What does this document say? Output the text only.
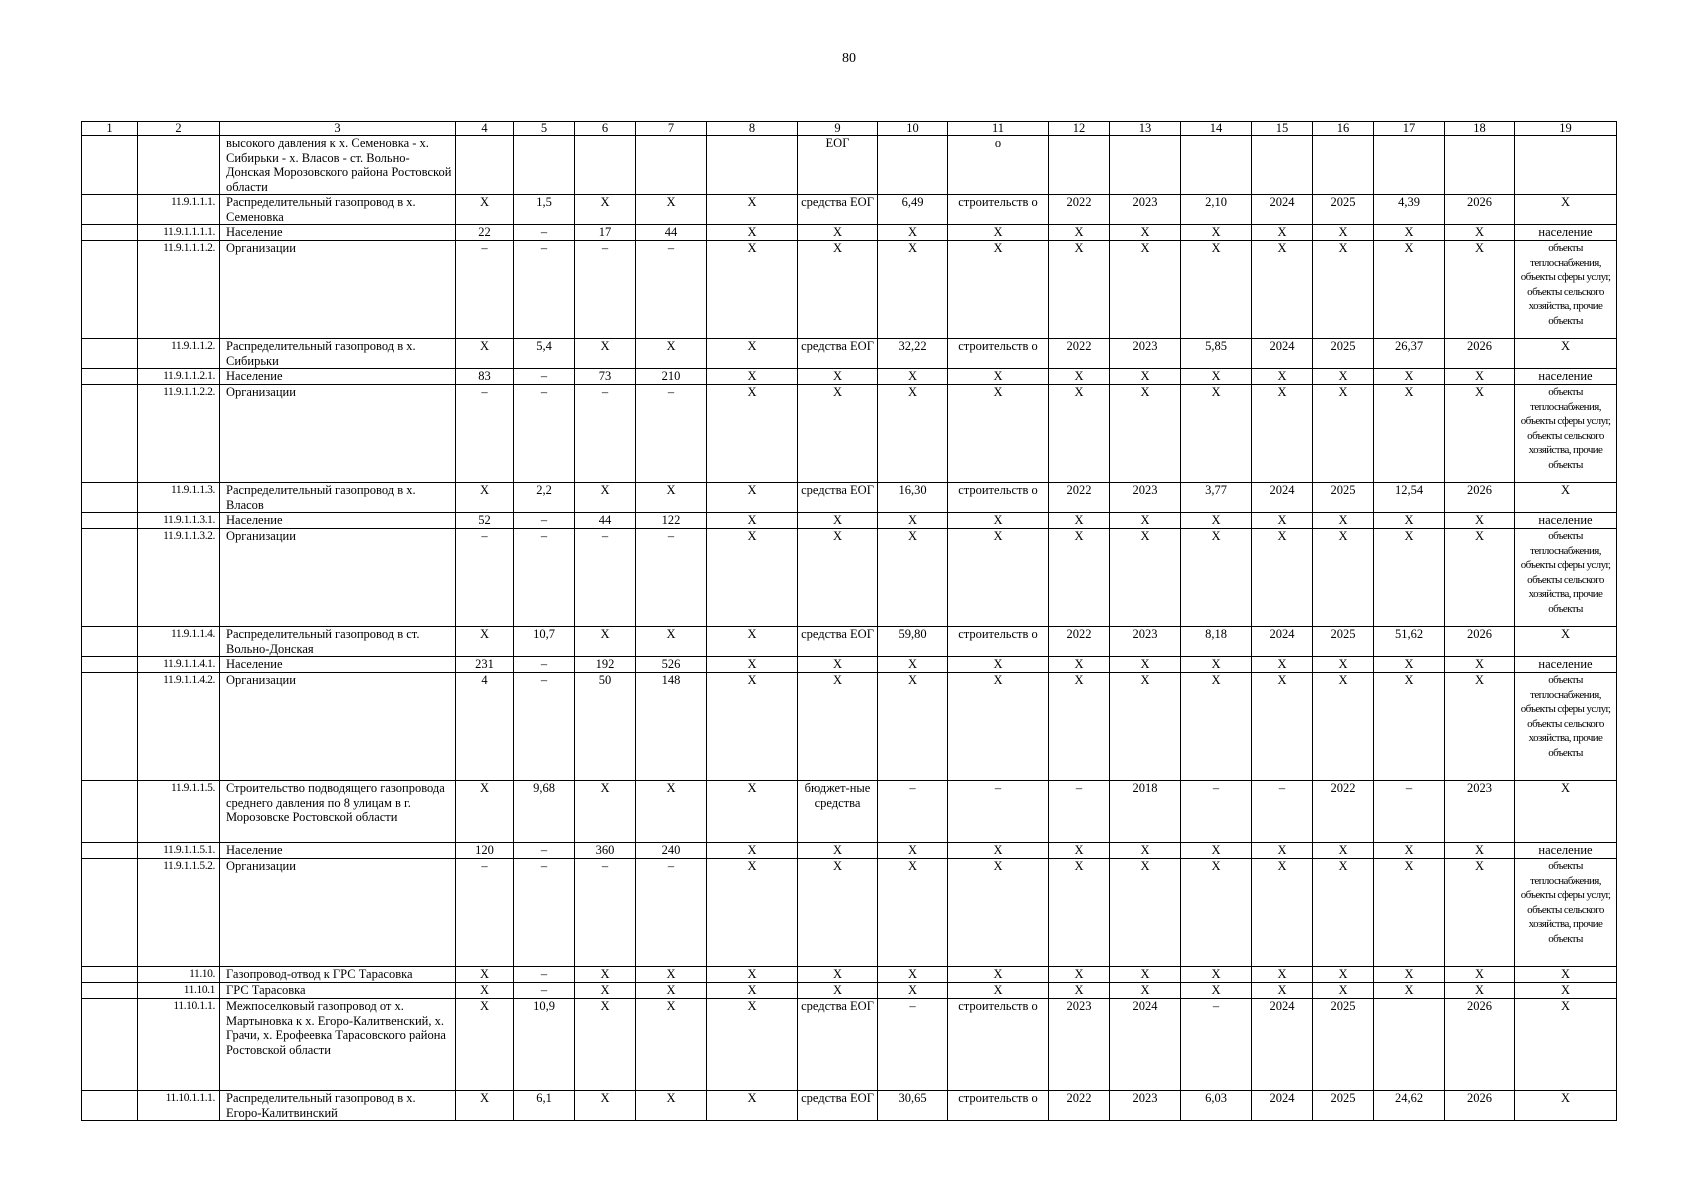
80
1	2	3	4	5	6	7	8	9	10	11	12	13	14	15	16	17	18	19
		высокого давления к х. Семеновка - х. Сибирьки - х. Власов - ст. Вольно-Донская Морозовского района Ростовской области						ЕОГ		о								
	11.9.1.1.1.	Распределительный газопровод в х. Семеновка	X	1,5	X	X	X	средства ЕОГ	6,49	строительств о	2022	2023	2,10	2024	2025	4,39	2026	X
	11.9.1.1.1.1.	Население	22	–	17	44	X	X	X	X	X	X	X	X	X	X	X	население
	11.9.1.1.1.2.	Организации	–	–	–	–	X	X	X	X	X	X	X	X	X	X	X	объекты теплоснабжения, объекты сферы услуг, объекты сельского хозяйства, прочие объекты
	11.9.1.1.2.	Распределительный газопровод в х. Сибирьки	X	5,4	X	X	X	средства ЕОГ	32,22	строительств о	2022	2023	5,85	2024	2025	26,37	2026	X
	11.9.1.1.2.1.	Население	83	–	73	210	X	X	X	X	X	X	X	X	X	X	X	население
	11.9.1.1.2.2.	Организации	–	–	–	–	X	X	X	X	X	X	X	X	X	X	X	объекты теплоснабжения, объекты сферы услуг, объекты сельского хозяйства, прочие объекты
	11.9.1.1.3.	Распределительный газопровод в х. Власов	X	2,2	X	X	X	средства ЕОГ	16,30	строительств о	2022	2023	3,77	2024	2025	12,54	2026	X
	11.9.1.1.3.1.	Население	52	–	44	122	X	X	X	X	X	X	X	X	X	X	X	население
	11.9.1.1.3.2.	Организации	–	–	–	–	X	X	X	X	X	X	X	X	X	X	X	объекты теплоснабжения, объекты сферы услуг, объекты сельского хозяйства, прочие объекты
	11.9.1.1.4.	Распределительный газопровод в ст. Вольно-Донская	X	10,7	X	X	X	средства ЕОГ	59,80	строительств о	2022	2023	8,18	2024	2025	51,62	2026	X
	11.9.1.1.4.1.	Население	231	–	192	526	X	X	X	X	X	X	X	X	X	X	X	население
	11.9.1.1.4.2.	Организации	4	–	50	148	X	X	X	X	X	X	X	X	X	X	X	объекты теплоснабжения, объекты сферы услуг, объекты сельского хозяйства, прочие объекты
	11.9.1.1.5.	Строительство подводящего газопровода среднего давления по 8 улицам в г. Морозовске Ростовской области	X	9,68	X	X	X	бюджет-ные средства	–	–	–	2018	–	–	2022	–	2023	X
	11.9.1.1.5.1.	Население	120	–	360	240	X	X	X	X	X	X	X	X	X	X	X	население
	11.9.1.1.5.2.	Организации	–	–	–	–	X	X	X	X	X	X	X	X	X	X	X	объекты теплоснабжения, объекты сферы услуг, объекты сельского хозяйства, прочие объекты
	11.10.	Газопровод-отвод к ГРС Тарасовка	X	–	X	X	X	X	X	X	X	X	X	X	X	X	X	X
	11.10.1	ГРС Тарасовка	X	–	X	X	X	X	X	X	X	X	X	X	X	X	X	X
	11.10.1.1.	Межпоселковый газопровод от х. Мартыновка к х. Егоро-Калитвенский, х. Грачи, х. Ерофеевка Тарасовского района Ростовской области	X	10,9	X	X	X	средства ЕОГ	–	строительств о	2023	2024	–	2024	2025		2026	X
	11.10.1.1.1.	Распределительный газопровод в х. Егоро-Калитвинский	X	6,1	X	X	X	средства ЕОГ	30,65	строительств о	2022	2023	6,03	2024	2025	24,62	2026	X
